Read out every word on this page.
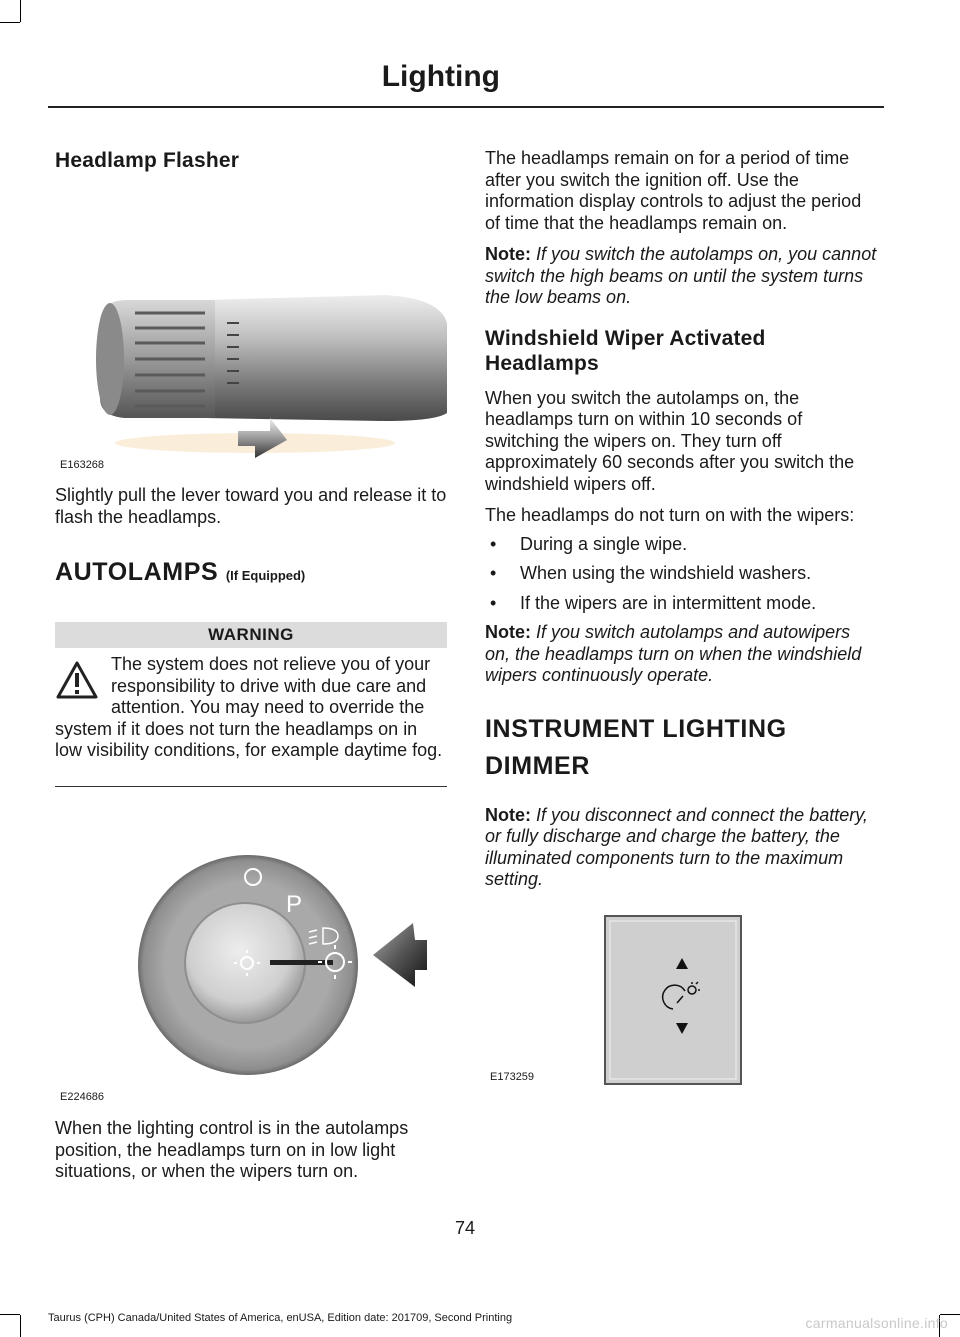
Lighting
Headlamp Flasher
E163268

Slightly pull the lever toward you and release it to flash the headlamps.

AUTOLAMPS (If Equipped)
WARNING
The system does not relieve you of your responsibility to drive with due care and attention. You may need to override the system if it does not turn the headlamps on in low visibility conditions, for example daytime fog.
P
E224686

When the lighting control is in the autolamps position, the headlamps turn on in low light situations, or when the wipers turn on.

The headlamps remain on for a period of time after you switch the ignition off. Use the information display controls to adjust the period of time that the headlamps remain on.

Note: If you switch the autolamps on, you cannot switch the high beams on until the system turns the low beams on.

Windshield Wiper Activated Headlamps

When you switch the autolamps on, the headlamps turn on within 10 seconds of switching the wipers on. They turn off approximately 60 seconds after you switch the windshield wipers off.

The headlamps do not turn on with the wipers:

• During a single wipe.
• When using the windshield washers.
• If the wipers are in intermittent mode.

Note: If you switch autolamps and autowipers on, the headlamps turn on when the windshield wipers continuously operate.

INSTRUMENT LIGHTING
DIMMER

Note: If you disconnect and connect the battery, or fully discharge and charge the battery, the illuminated components turn to the maximum setting.

E173259
74
Taurus (CPH) Canada/United States of America, enUSA, Edition date: 201709, Second Printing	carmanualsonline.info
